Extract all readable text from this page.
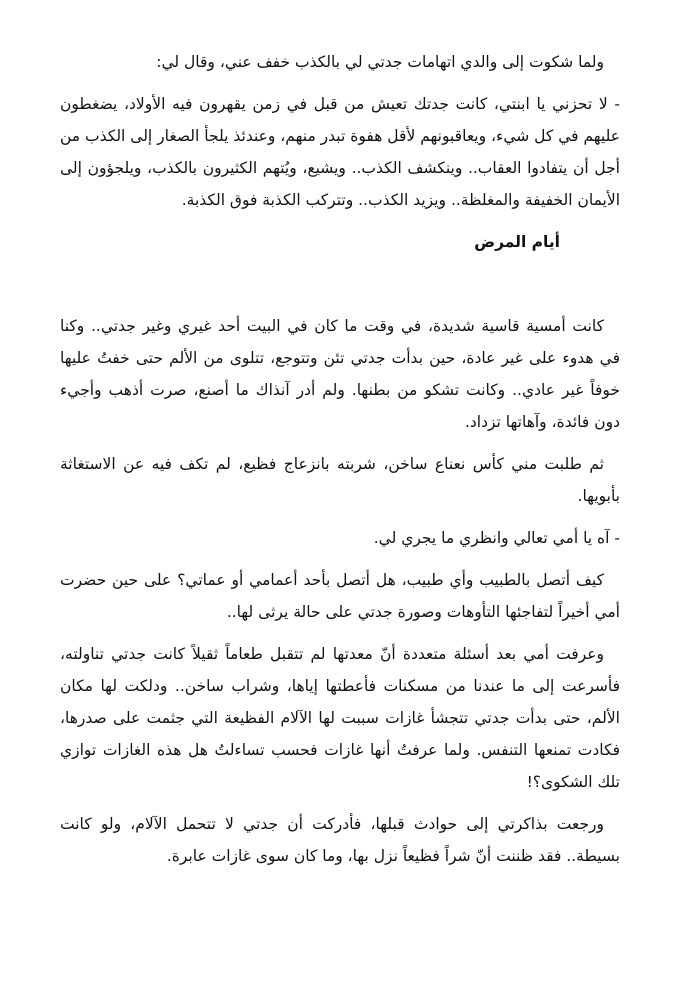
ولما شكوت إلى والدي اتهامات جدتي لي بالكذب خفف عني، وقال لي:

- لا تحزني يا ابنتي، كانت جدتك تعيش من قبل في زمن يقهرون فيه الأولاد، يضغطون عليهم في كل شيء، ويعاقبونهم لأقل هفوة تبدر منهم، وعندئذ يلجأ الصغار إلى الكذب من أجل أن يتفادوا العقاب.. وينكشف الكذب.. ويشيع، ويُتهم الكثيرون بالكذب، ويلجؤون إلى الأيمان الخفيفة والمغلظة.. ويزيد الكذب.. وتتركب الكذبة فوق الكذبة.

أيام المرض

كانت أمسية قاسية شديدة، في وقت ما كان في البيت أحد غيري وغير جدتي.. وكنا في هدوء على غير عادة، حين بدأت جدتي تئن وتتوجع، تتلوى من الألم حتى خفتُ عليها خوفاً غير عادي.. وكانت تشكو من بطنها. ولم أدر آنذاك ما أصنع، صرت أذهب وأجيء دون فائدة، وآهاتها تزداد.

ثم طلبت مني كأس نعناع ساخن، شربته بانزعاج فظيع، لم تكف فيه عن الاستغاثة بأبويها.

- آه يا أمي تعالي وانظري ما يجري لي.

كيف أتصل بالطبيب وأي طبيب، هل أتصل بأحد أعمامي أو عماتي؟ على حين حضرت أمي أخيراً لتفاجئها التأوهات وصورة جدتي على حالة يرثى لها..

وعرفت أمي بعد أسئلة متعددة أنّ معدتها لم تتقبل طعاماً ثقيلاً كانت جدتي تناولته، فأسرعت إلى ما عندنا من مسكنات فأعطتها إياها، وشراب ساخن.. ودلكت لها مكان الألم، حتى بدأت جدتي تتجشأ غازات سببت لها الآلام الفظيعة التي جثمت على صدرها، فكادت تمنعها التنفس. ولما عرفتُ أنها غازات فحسب تساءلتُ هل هذه الغازات توازي تلك الشكوى؟!

ورجعت بذاكرتي إلى حوادث قبلها، فأدركت أن جدتي لا تتحمل الآلام، ولو كانت بسيطة.. فقد ظننت أنّ شراً فظيعاً نزل بها، وما كان سوى غازات عابرة.
